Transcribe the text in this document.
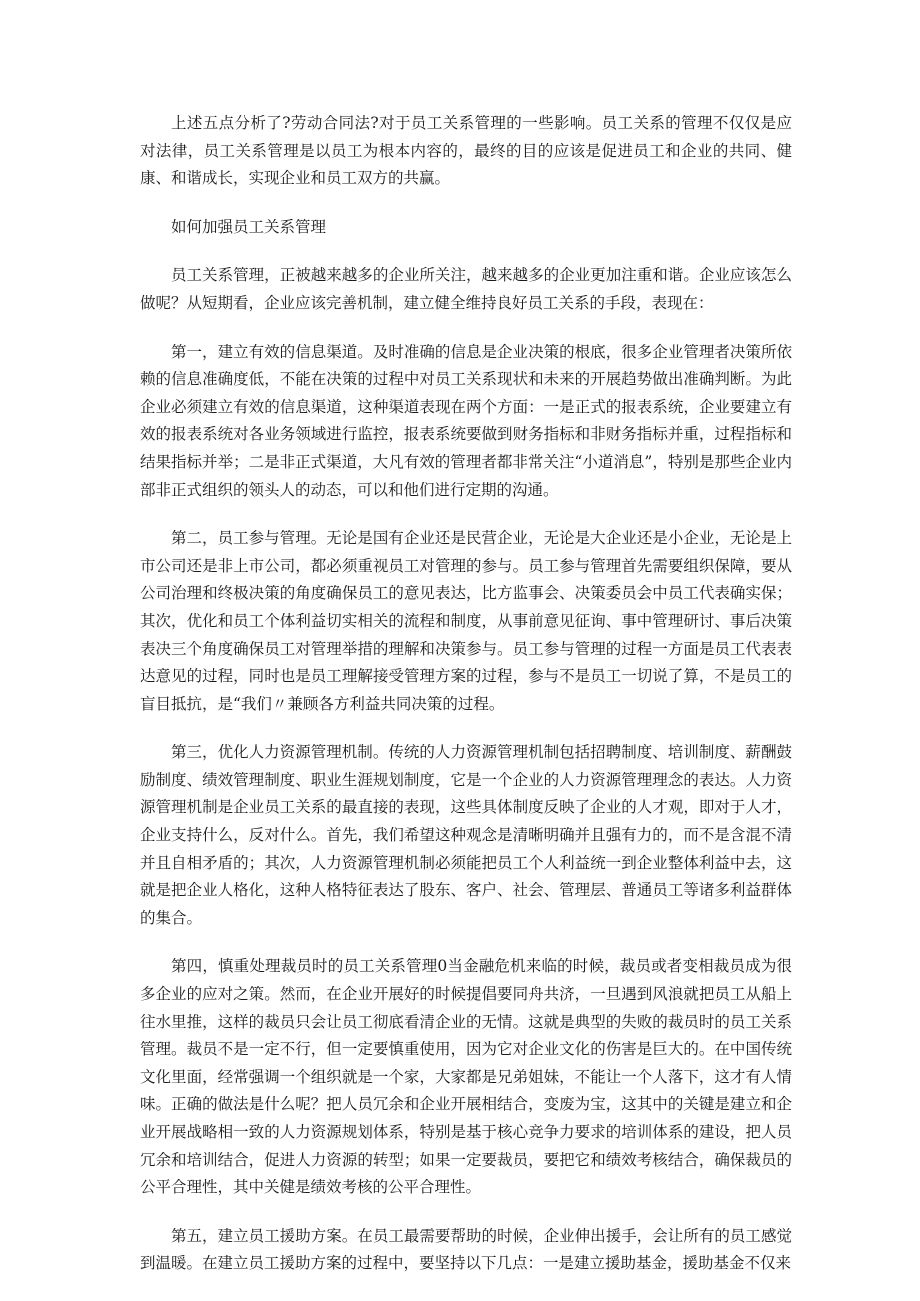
上述五点分析了?劳动合同法?对于员工关系管理的一些影响。员工关系的管理不仅仅是应对法律，员工关系管理是以员工为根本内容的，最终的目的应该是促进员工和企业的共同、健康、和谐成长，实现企业和员工双方的共赢。

如何加强员工关系管理

员工关系管理，正被越来越多的企业所关注，越来越多的企业更加注重和谐。企业应该怎么做呢？从短期看，企业应该完善机制，建立健全维持良好员工关系的手段，表现在：

第一，建立有效的信息渠道。及时准确的信息是企业决策的根底，很多企业管理者决策所依赖的信息准确度低，不能在决策的过程中对员工关系现状和未来的开展趋势做出准确判断。为此企业必须建立有效的信息渠道，这种渠道表现在两个方面：一是正式的报表系统，企业要建立有效的报表系统对各业务领域进行监控，报表系统要做到财务指标和非财务指标并重，过程指标和结果指标并举；二是非正式渠道，大凡有效的管理者都非常关注“小道消息”，特别是那些企业内部非正式组织的领头人的动态，可以和他们进行定期的沟通。

第二，员工参与管理。无论是国有企业还是民营企业，无论是大企业还是小企业，无论是上市公司还是非上市公司，都必须重视员工对管理的参与。员工参与管理首先需要组织保障，要从公司治理和终极决策的角度确保员工的意见表达，比方监事会、决策委员会中员工代表确实保；其次，优化和员工个体利益切实相关的流程和制度，从事前意见征询、事中管理研讨、事后决策表决三个角度确保员工对管理举措的理解和决策参与。员工参与管理的过程一方面是员工代表表达意见的过程，同时也是员工理解接受管理方案的过程，参与不是员工一切说了算，不是员工的盲目抵抗，是“我们〃兼顾各方利益共同决策的过程。

第三，优化人力资源管理机制。传统的人力资源管理机制包括招聘制度、培训制度、薪酬鼓励制度、绩效管理制度、职业生涯规划制度，它是一个企业的人力资源管理理念的表达。人力资源管理机制是企业员工关系的最直接的表现，这些具体制度反映了企业的人才观，即对于人才，企业支持什么，反对什么。首先，我们希望这种观念是清晰明确并且强有力的，而不是含混不清并且自相矛盾的；其次，人力资源管理机制必须能把员工个人利益统一到企业整体利益中去，这就是把企业人格化，这种人格特征表达了股东、客户、社会、管理层、普通员工等诸多利益群体的集合。

第四，慎重处理裁员时的员工关系管理0当金融危机来临的时候，裁员或者变相裁员成为很多企业的应对之策。然而，在企业开展好的时候提倡要同舟共济，一旦遇到风浪就把员工从船上往水里推，这样的裁员只会让员工彻底看清企业的无情。这就是典型的失败的裁员时的员工关系管理。裁员不是一定不行，但一定要慎重使用，因为它对企业文化的伤害是巨大的。在中国传统文化里面，经常强调一个组织就是一个家，大家都是兄弟姐妹，不能让一个人落下，这才有人情味。正确的做法是什么呢？把人员冗余和企业开展相结合，变废为宝，这其中的关键是建立和企业开展战略相一致的人力资源规划体系，特别是基于核心竞争力要求的培训体系的建设，把人员冗余和培训结合，促进人力资源的转型；如果一定要裁员，要把它和绩效考核结合，确保裁员的公平合理性，其中关健是绩效考核的公平合理性。

第五，建立员工援助方案。在员工最需要帮助的时候，企业伸出援手，会让所有的员工感觉到温暖。在建立员工援助方案的过程中，要坚持以下几点：一是建立援助基金，援助基金不仅来
